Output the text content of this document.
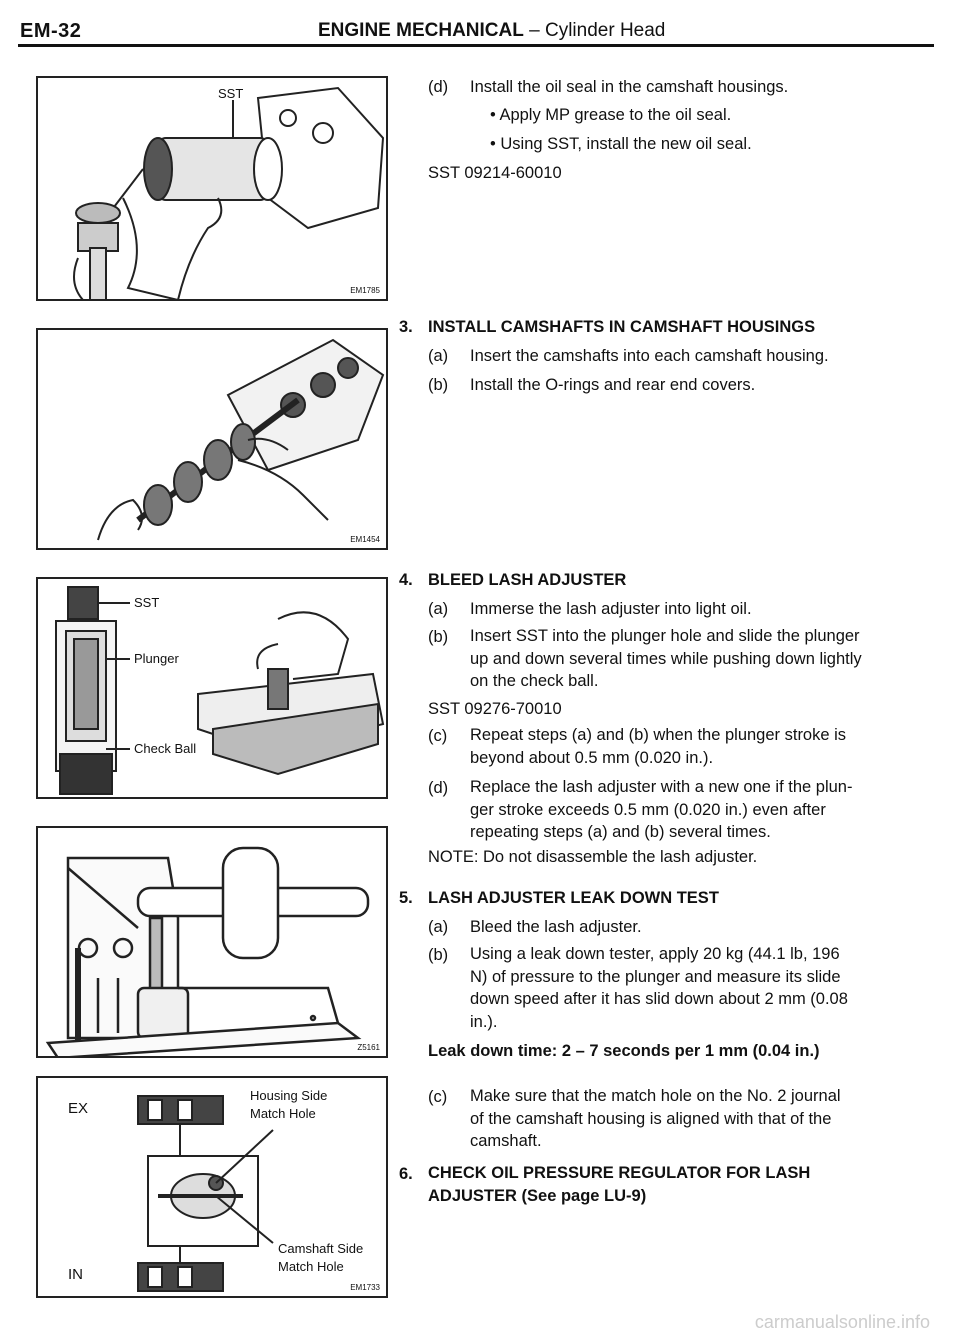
EM-32	ENGINE MECHANICAL – Cylinder Head
SST
EM1785
EM1454
SST
Plunger
Check Ball
Z5161
EX
IN
Housing Side
Match Hole
Camshaft Side
Match Hole
EM1733
(d) Install the oil seal in the camshaft housings.
• Apply MP grease to the oil seal.
• Using SST, install the new oil seal.
SST 09214-60010
3. INSTALL CAMSHAFTS IN CAMSHAFT HOUSINGS
(a) Insert the camshafts into each camshaft housing.
(b) Install the O-rings and rear end covers.
4. BLEED LASH ADJUSTER
(a) Immerse the lash adjuster into light oil.
(b) Insert SST into the plunger hole and slide the plunger
up and down several times while pushing down lightly
on the check ball.
SST 09276-70010
(c) Repeat steps (a) and (b) when the plunger stroke is
beyond about 0.5 mm (0.020 in.).
(d) Replace the lash adjuster with a new one if the plun-
ger stroke exceeds 0.5 mm (0.020 in.) even after
repeating steps (a) and (b) several times.
NOTE: Do not disassemble the lash adjuster.
5. LASH ADJUSTER LEAK DOWN TEST
(a) Bleed the lash adjuster.
(b) Using a leak down tester, apply 20 kg (44.1 lb, 196
N) of pressure to the plunger and measure its slide
down speed after it has slid down about 2 mm (0.08
in.).
Leak down time: 2 – 7 seconds per 1 mm (0.04 in.)
(c) Make sure that the match hole on the No. 2 journal
of the camshaft housing is aligned with that of the
camshaft.
6. CHECK OIL PRESSURE REGULATOR FOR LASH
ADJUSTER (See page LU-9)
carmanualsonline.info
